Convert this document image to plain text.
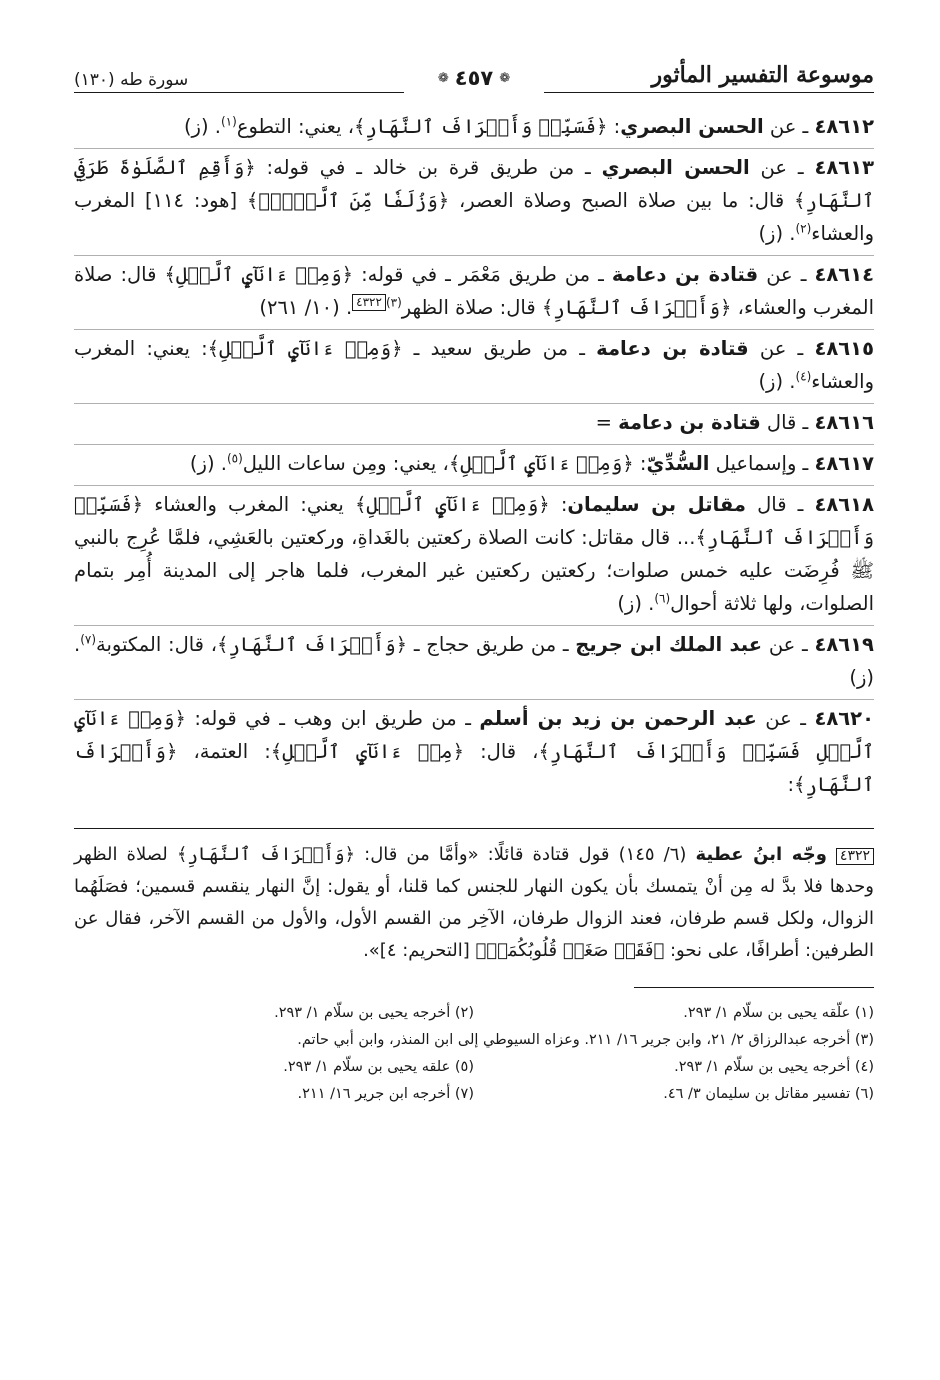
موسوعة التفسير المأثور
❁ ٤٥٧ ❁
سورة طه (١٣٠)

٤٨٦١٢ ـ عن الحسن البصري: ﴿فَسَبِّحۡ وَأَطۡرَافَ ٱلنَّهَارِ﴾، يعني: التطوع$^{(١)}$. (ز)

٤٨٦١٣ ـ عن الحسن البصري ـ من طريق قرة بن خالد ـ في قوله: ﴿وَأَقِمِ ٱلصَّلَوٰةَ طَرَفَيِ ٱلنَّهَارِ﴾ قال: ما بين صلاة الصبح وصلاة العصر، ﴿وَزُلَفٗا مِّنَ ٱلَّيۡلِۚ﴾ [هود: ١١٤] المغرب والعشاء$^{(٢)}$. (ز)

٤٨٦١٤ ـ عن قتادة بن دعامة ـ من طريق مَعْمَر ـ في قوله: ﴿وَمِنۡ ءَانَآيِٕ ٱلَّيۡلِ﴾ قال: صلاة المغرب والعشاء، ﴿وَأَطۡرَافَ ٱلنَّهَارِ﴾ قال: صلاة الظهر$^{(٣)}$٤٣٢٢. (١٠/ ٢٦١)

٤٨٦١٥ ـ عن قتادة بن دعامة ـ من طريق سعيد ـ ﴿وَمِنۡ ءَانَآيِٕ ٱلَّيۡلِ﴾: يعني: المغرب والعشاء$^{(٤)}$. (ز)

٤٨٦١٦ ـ قال قتادة بن دعامة =

٤٨٦١٧ ـ وإسماعيل السُّدِّيّ: ﴿وَمِنۡ ءَانَآيِٕ ٱلَّيۡلِ﴾، يعني: ومِن ساعات الليل$^{(٥)}$. (ز)

٤٨٦١٨ ـ قال مقاتل بن سليمان: ﴿وَمِنۡ ءَانَآيِٕ ٱلَّيۡلِ﴾ يعني: المغرب والعشاء ﴿فَسَبِّحۡ وَأَطۡرَافَ ٱلنَّهَارِ﴾... قال مقاتل: كانت الصلاة ركعتين بالغَداةِ، وركعتين بالعَشِي، فلمَّا عُرِج بالنبي ﷺ فُرِضَت عليه خمس صلوات؛ ركعتين ركعتين غير المغرب، فلما هاجر إلى المدينة أُمِر بتمام الصلوات، ولها ثلاثة أحوال$^{(٦)}$. (ز)

٤٨٦١٩ ـ عن عبد الملك ابن جريج ـ من طريق حجاج ـ ﴿وَأَطۡرَافَ ٱلنَّهَارِ﴾، قال: المكتوبة$^{(٧)}$. (ز)

٤٨٦٢٠ ـ عن عبد الرحمن بن زيد بن أسلم ـ من طريق ابن وهب ـ في قوله: ﴿وَمِنۡ ءَانَآيِٕ ٱلَّيۡلِ فَسَبِّحۡ وَأَطۡرَافَ ٱلنَّهَارِ﴾، قال: ﴿مِنۡ ءَانَآيِٕ ٱلَّيۡلِ﴾: العتمة، ﴿وَأَطۡرَافَ ٱلنَّهَارِ﴾:

٤٣٢٢ وجّه ابنُ عطية (٦/ ١٤٥) قول قتادة قائلًا: «وأمَّا من قال: ﴿وَأَطۡرَافَ ٱلنَّهَارِ﴾ لصلاة الظهر وحدها فلا بدَّ له مِن أنْ يتمسك بأن يكون النهار للجنس كما قلنا، أو يقول: إنَّ النهار ينقسم قسمين؛ فصَلَهُما الزوال، ولكل قسم طرفان، فعند الزوال طرفان، الآخِر من القسم الأول، والأول من القسم الآخر، فقال عن الطرفين: أطرافًا، على نحو: ﴿فَقَدۡ صَغَتۡ قُلُوبُكُمَاۖ﴾ [التحريم: ٤]».

(١) علّقه يحيى بن سلّام ١/ ٢٩٣.
(٢) أخرجه يحيى بن سلّام ١/ ٢٩٣.
(٣) أخرجه عبدالرزاق ٢/ ٢١، وابن جرير ١٦/ ٢١١. وعزاه السيوطي إلى ابن المنذر، وابن أبي حاتم.
(٤) أخرجه يحيى بن سلّام ١/ ٢٩٣.
(٥) علقه يحيى بن سلّام ١/ ٢٩٣.
(٦) تفسير مقاتل بن سليمان ٣/ ٤٦.
(٧) أخرجه ابن جرير ١٦/ ٢١١.
